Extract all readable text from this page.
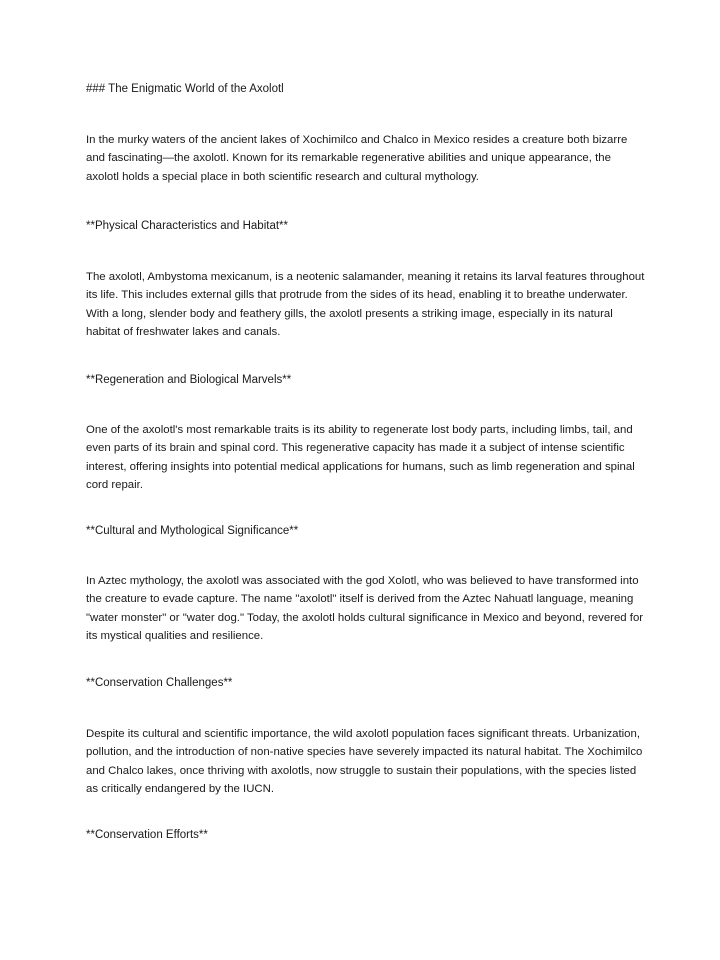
### The Enigmatic World of the Axolotl

In the murky waters of the ancient lakes of Xochimilco and Chalco in Mexico resides a creature both bizarre and fascinating—the axolotl. Known for its remarkable regenerative abilities and unique appearance, the axolotl holds a special place in both scientific research and cultural mythology.

**Physical Characteristics and Habitat**

The axolotl, Ambystoma mexicanum, is a neotenic salamander, meaning it retains its larval features throughout its life. This includes external gills that protrude from the sides of its head, enabling it to breathe underwater. With a long, slender body and feathery gills, the axolotl presents a striking image, especially in its natural habitat of freshwater lakes and canals.

**Regeneration and Biological Marvels**

One of the axolotl's most remarkable traits is its ability to regenerate lost body parts, including limbs, tail, and even parts of its brain and spinal cord. This regenerative capacity has made it a subject of intense scientific interest, offering insights into potential medical applications for humans, such as limb regeneration and spinal cord repair.

**Cultural and Mythological Significance**

In Aztec mythology, the axolotl was associated with the god Xolotl, who was believed to have transformed into the creature to evade capture. The name "axolotl" itself is derived from the Aztec Nahuatl language, meaning "water monster" or "water dog." Today, the axolotl holds cultural significance in Mexico and beyond, revered for its mystical qualities and resilience.

**Conservation Challenges**

Despite its cultural and scientific importance, the wild axolotl population faces significant threats. Urbanization, pollution, and the introduction of non-native species have severely impacted its natural habitat. The Xochimilco and Chalco lakes, once thriving with axolotls, now struggle to sustain their populations, with the species listed as critically endangered by the IUCN.

**Conservation Efforts**
